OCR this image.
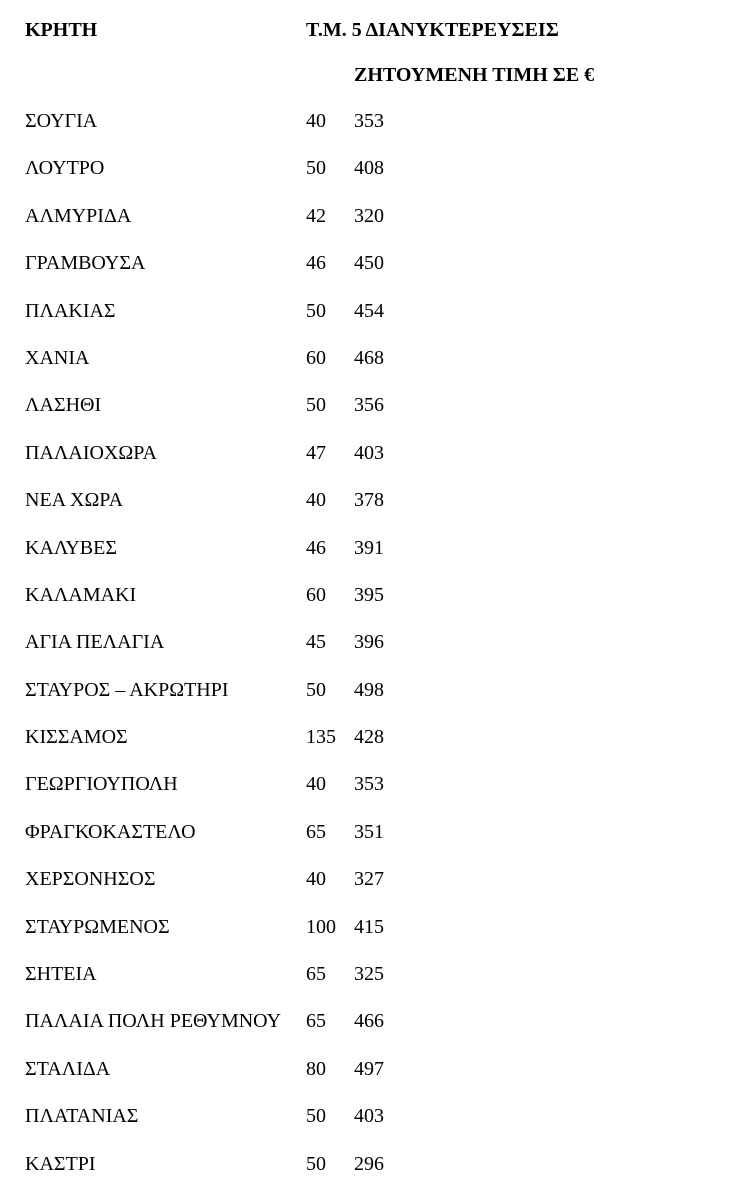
ΚΡΗΤΗ	Τ.Μ. 5 ΔΙΑΝΥΚΤΕΡΕΥΣΕΙΣ
ΖΗΤΟΥΜΕΝΗ ΤΙΜΗ ΣΕ €
ΣΟΥΓΙΑ	40 353
ΛΟΥΤΡΟ	50 408
ΑΛΜΥΡΙΔΑ	42 320
ΓΡΑΜΒΟΥΣΑ	46 450
ΠΛΑΚΙΑΣ	50 454
ΧΑΝΙΑ	60 468
ΛΑΣΗΘΙ	50 356
ΠΑΛΑΙΟΧΩΡΑ	47 403
ΝΕΑ ΧΩΡΑ	40 378
ΚΑΛΥΒΕΣ	46 391
ΚΑΛΑΜΑΚΙ	60 395
ΑΓΙΑ ΠΕΛΑΓΙΑ	45 396
ΣΤΑΥΡΟΣ – ΑΚΡΩΤΗΡΙ	50 498
ΚΙΣΣΑΜΟΣ	135 428
ΓΕΩΡΓΙΟΥΠΟΛΗ	40 353
ΦΡΑΓΚΟΚΑΣΤΕΛΟ	65 351
ΧΕΡΣΟΝΗΣΟΣ	40 327
ΣΤΑΥΡΩΜΕΝΟΣ	100 415
ΣΗΤΕΙΑ	65 325
ΠΑΛΑΙΑ ΠΟΛΗ ΡΕΘΥΜΝΟΥ 65 466
ΣΤΑΛΙΔΑ	80 497
ΠΛΑΤΑΝΙΑΣ	50 403
ΚΑΣΤΡΙ	50 296
